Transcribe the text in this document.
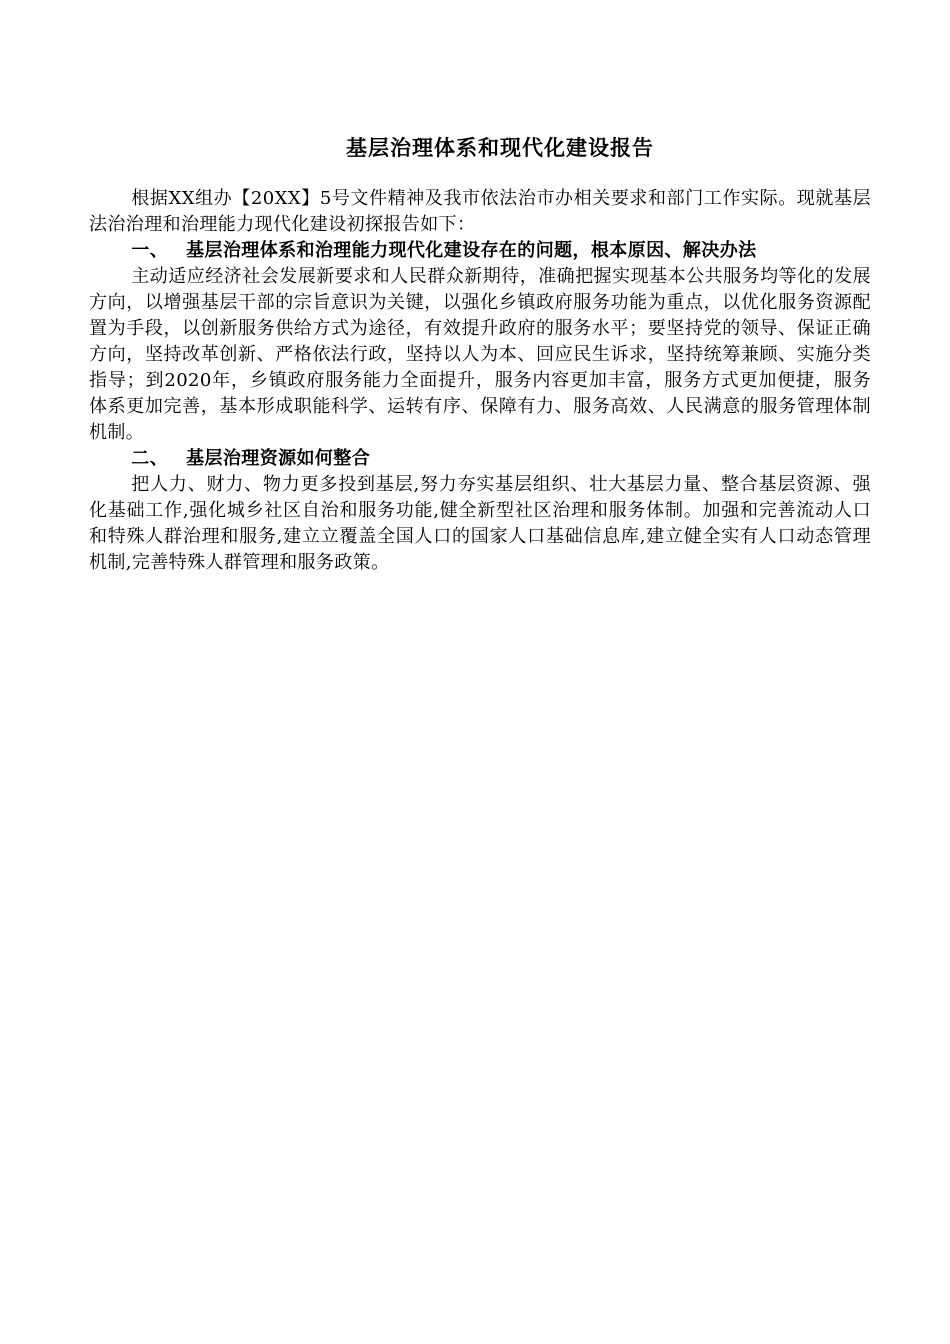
基层治理体系和现代化建设报告

根据XX组办【20XX】5号文件精神及我市依法治市办相关要求和部门工作实际。现就基层法治治理和治理能力现代化建设初探报告如下：

一、 基层治理体系和治理能力现代化建设存在的问题，根本原因、解决办法

主动适应经济社会发展新要求和人民群众新期待，准确把握实现基本公共服务均等化的发展方向，以增强基层干部的宗旨意识为关键，以强化乡镇政府服务功能为重点，以优化服务资源配置为手段，以创新服务供给方式为途径，有效提升政府的服务水平；要坚持党的领导、保证正确方向，坚持改革创新、严格依法行政，坚持以人为本、回应民生诉求，坚持统筹兼顾、实施分类指导；到2020年，乡镇政府服务能力全面提升，服务内容更加丰富，服务方式更加便捷，服务体系更加完善，基本形成职能科学、运转有序、保障有力、服务高效、人民满意的服务管理体制机制。

二、 基层治理资源如何整合

把人力、财力、物力更多投到基层,努力夯实基层组织、壮大基层力量、整合基层资源、强化基础工作,强化城乡社区自治和服务功能,健全新型社区治理和服务体制。加强和完善流动人口和特殊人群治理和服务,建立立覆盖全国人口的国家人口基础信息库,建立健全实有人口动态管理机制,完善特殊人群管理和服务政策。
